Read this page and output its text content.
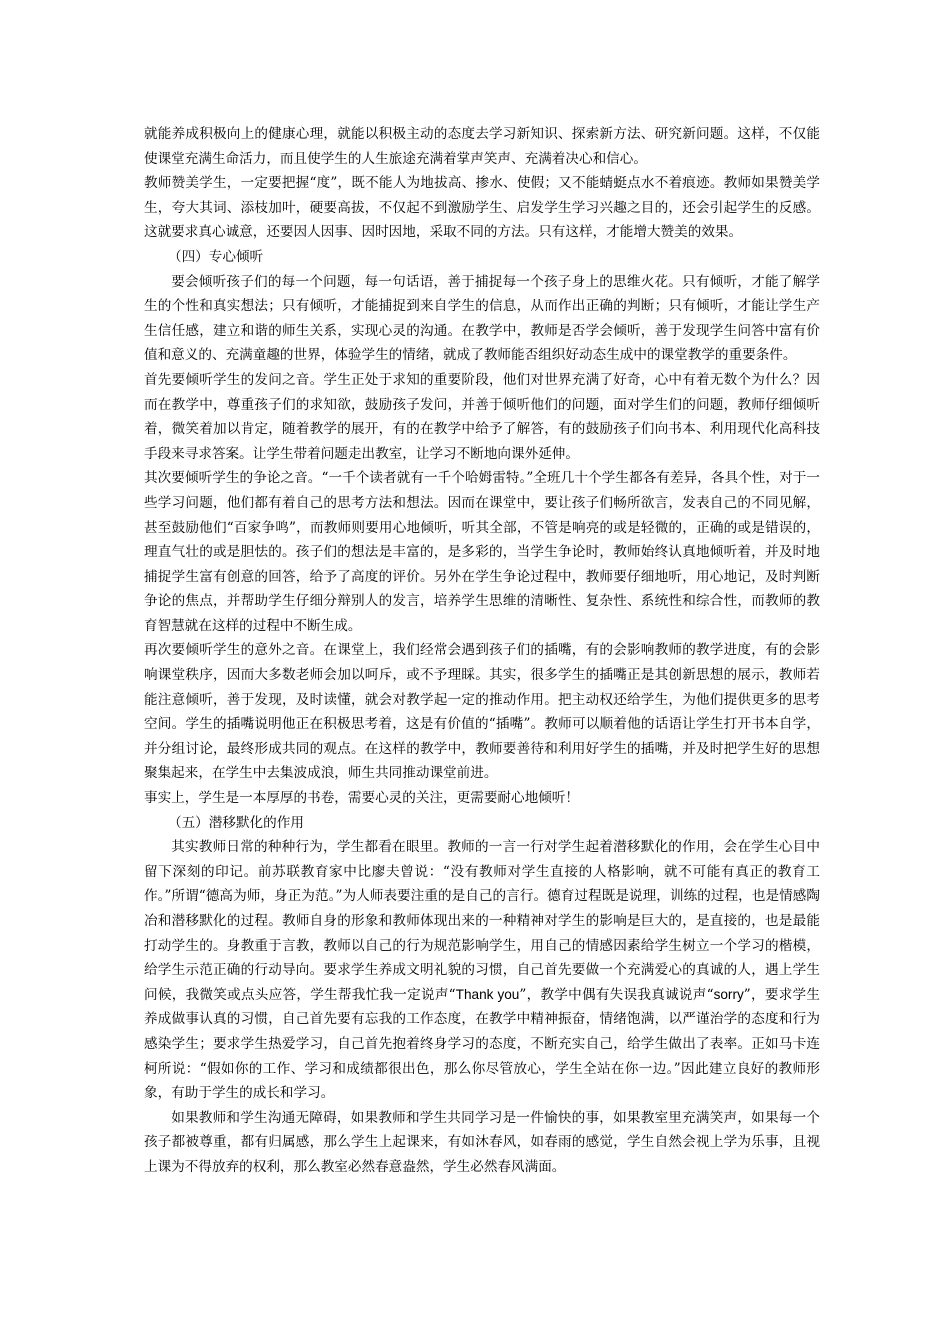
就能养成积极向上的健康心理，就能以积极主动的态度去学习新知识、探索新方法、研究新问题。这样，不仅能使课堂充满生命活力，而且使学生的人生旅途充满着掌声笑声、充满着决心和信心。

教师赞美学生，一定要把握“度”，既不能人为地拔高、掺水、使假；又不能蜻蜓点水不着痕迹。教师如果赞美学生，夸大其词、添枝加叶，硬要高拔，不仅起不到激励学生、启发学生学习兴趣之目的，还会引起学生的反感。这就要求真心诚意，还要因人因事、因时因地，采取不同的方法。只有这样，才能增大赞美的效果。

（四）专心倾听

要会倾听孩子们的每一个问题，每一句话语，善于捕捉每一个孩子身上的思维火花。只有倾听，才能了解学生的个性和真实想法；只有倾听，才能捕捉到来自学生的信息，从而作出正确的判断；只有倾听，才能让学生产生信任感，建立和谐的师生关系，实现心灵的沟通。在教学中，教师是否学会倾听，善于发现学生问答中富有价值和意义的、充满童趣的世界，体验学生的情绪，就成了教师能否组织好动态生成中的课堂教学的重要条件。

首先要倾听学生的发问之音。学生正处于求知的重要阶段，他们对世界充满了好奇，心中有着无数个为什么？因而在教学中，尊重孩子们的求知欲，鼓励孩子发问，并善于倾听他们的问题，面对学生们的问题，教师仔细倾听着，微笑着加以肯定，随着教学的展开，有的在教学中给予了解答，有的鼓励孩子们向书本、利用现代化高科技手段来寻求答案。让学生带着问题走出教室，让学习不断地向课外延伸。

其次要倾听学生的争论之音。“一千个读者就有一千个哈姆雷特。”全班几十个学生都各有差异，各具个性，对于一些学习问题，他们都有着自己的思考方法和想法。因而在课堂中，要让孩子们畅所欲言，发表自己的不同见解，甚至鼓励他们“百家争鸣”，而教师则要用心地倾听，听其全部，不管是响亮的或是轻微的，正确的或是错误的，理直气壮的或是胆怯的。孩子们的想法是丰富的，是多彩的，当学生争论时，教师始终认真地倾听着，并及时地捕捉学生富有创意的回答，给予了高度的评价。另外在学生争论过程中，教师要仔细地听，用心地记，及时判断争论的焦点，并帮助学生仔细分辩别人的发言，培养学生思维的清晰性、复杂性、系统性和综合性，而教师的教育智慧就在这样的过程中不断生成。

再次要倾听学生的意外之音。在课堂上，我们经常会遇到孩子们的插嘴，有的会影响教师的教学进度，有的会影响课堂秩序，因而大多数老师会加以呵斥，或不予理睬。其实，很多学生的插嘴正是其创新思想的展示，教师若能注意倾听，善于发现，及时读懂，就会对教学起一定的推动作用。把主动权还给学生，为他们提供更多的思考空间。学生的插嘴说明他正在积极思考着，这是有价值的“插嘴”。教师可以顺着他的话语让学生打开书本自学，并分组讨论，最终形成共同的观点。在这样的教学中，教师要善待和利用好学生的插嘴，并及时把学生好的思想聚集起来，在学生中去集波成浪，师生共同推动课堂前进。

事实上，学生是一本厚厚的书卷，需要心灵的关注，更需要耐心地倾听！

（五）潜移默化的作用

其实教师日常的种种行为，学生都看在眼里。教师的一言一行对学生起着潜移默化的作用，会在学生心目中留下深刻的印记。前苏联教育家中比廖夫曾说：“没有教师对学生直接的人格影响，就不可能有真正的教育工作。”所谓“德高为师，身正为范。”为人师表要注重的是自己的言行。德育过程既是说理，训练的过程，也是情感陶冶和潜移默化的过程。教师自身的形象和教师体现出来的一种精神对学生的影响是巨大的，是直接的，也是最能打动学生的。身教重于言教，教师以自己的行为规范影响学生，用自己的情感因素给学生树立一个学习的楷模，给学生示范正确的行动导向。要求学生养成文明礼貌的习惯，自己首先要做一个充满爱心的真诚的人，遇上学生问候，我微笑或点头应答，学生帮我忙我一定说声“Thank you”，教学中偶有失误我真诚说声“sorry”，要求学生养成做事认真的习惯，自己首先要有忘我的工作态度，在教学中精神振奋，情绪饱满，以严谨治学的态度和行为感染学生；要求学生热爱学习，自己首先抱着终身学习的态度，不断充实自己，给学生做出了表率。正如马卡连柯所说：“假如你的工作、学习和成绩都很出色，那么你尽管放心，学生全站在你一边。”因此建立良好的教师形象，有助于学生的成长和学习。

如果教师和学生沟通无障碍，如果教师和学生共同学习是一件愉快的事，如果教室里充满笑声，如果每一个孩子都被尊重，都有归属感，那么学生上起课来，有如沐春风，如春雨的感觉，学生自然会视上学为乐事，且视上课为不得放弃的权利，那么教室必然春意盎然，学生必然春风满面。
